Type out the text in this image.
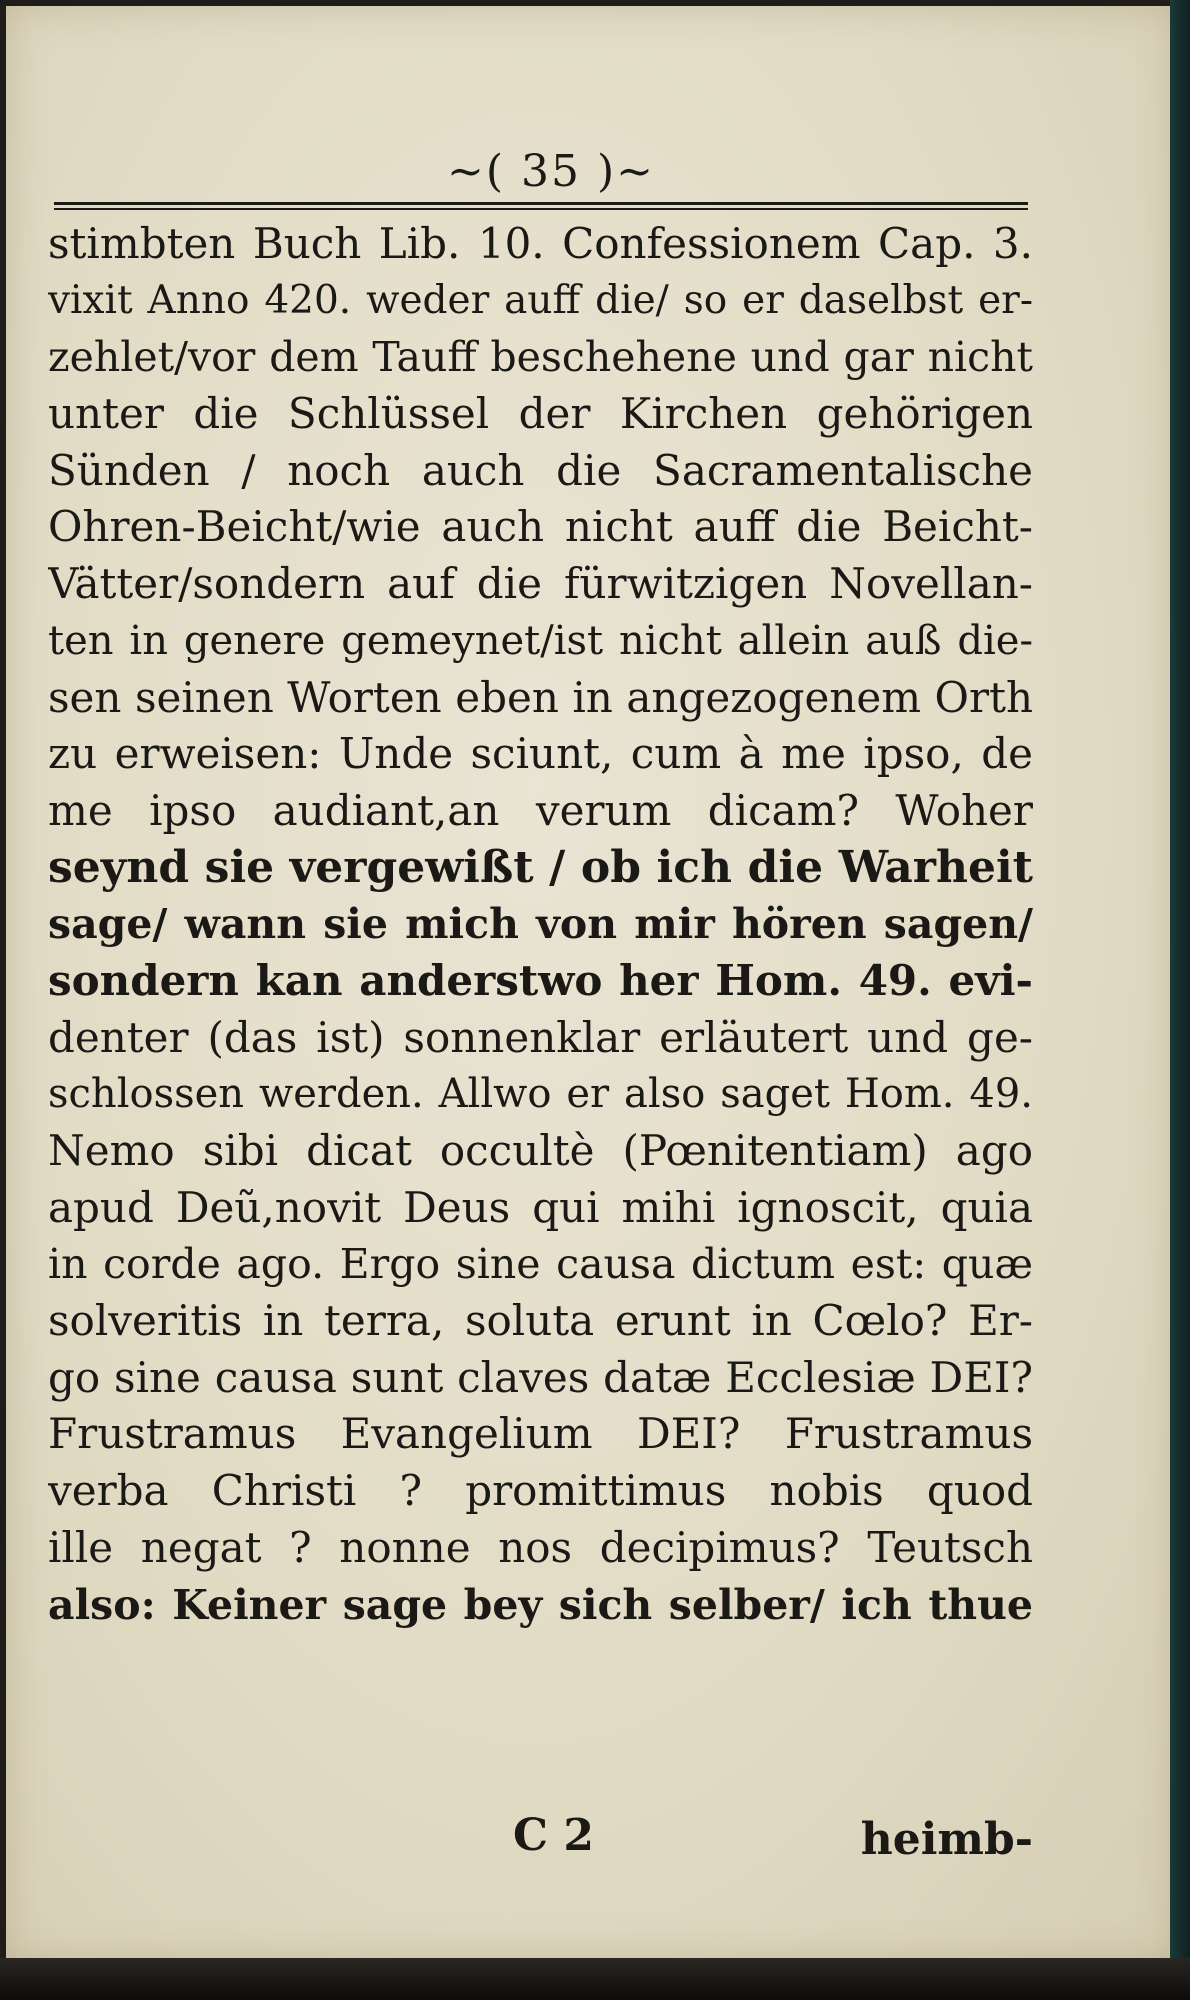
~( 35 )~
stimbten Buch Lib. 10. Confessionem Cap. 3.
vixit Anno 420. weder auff die/ so er daselbst er-
zehlet/vor dem Tauff beschehene und gar nicht
unter die Schlüssel der Kirchen gehörigen
Sünden / noch auch die Sacramentalische
Ohren-Beicht/wie auch nicht auff die Beicht-
Vätter/sondern auf die fürwitzigen Novellan-
ten in genere gemeynet/ist nicht allein auß die-
sen seinen Worten eben in angezogenem Orth
zu erweisen: Unde sciunt, cum à me ipso, de
me ipso audiant,an verum dicam? Woher
seynd sie vergewißt / ob ich die Warheit
sage/ wann sie mich von mir hören sagen/
sondern kan anderstwo her Hom. 49. evi-
denter (das ist) sonnenklar erläutert und ge-
schlossen werden. Allwo er also saget Hom. 49.
Nemo sibi dicat occultè (Pœnitentiam) ago
apud Deũ,novit Deus qui mihi ignoscit, quia
in corde ago. Ergo sine causa dictum est: quæ
solveritis in terra, soluta erunt in Cœlo? Er-
go sine causa sunt claves datæ Ecclesiæ DEI?
Frustramus Evangelium DEI? Frustramus
verba Christi ? promittimus nobis quod
ille negat ? nonne nos decipimus? Teutsch
also: Keiner sage bey sich selber/ ich thue
C 2	heimb-
